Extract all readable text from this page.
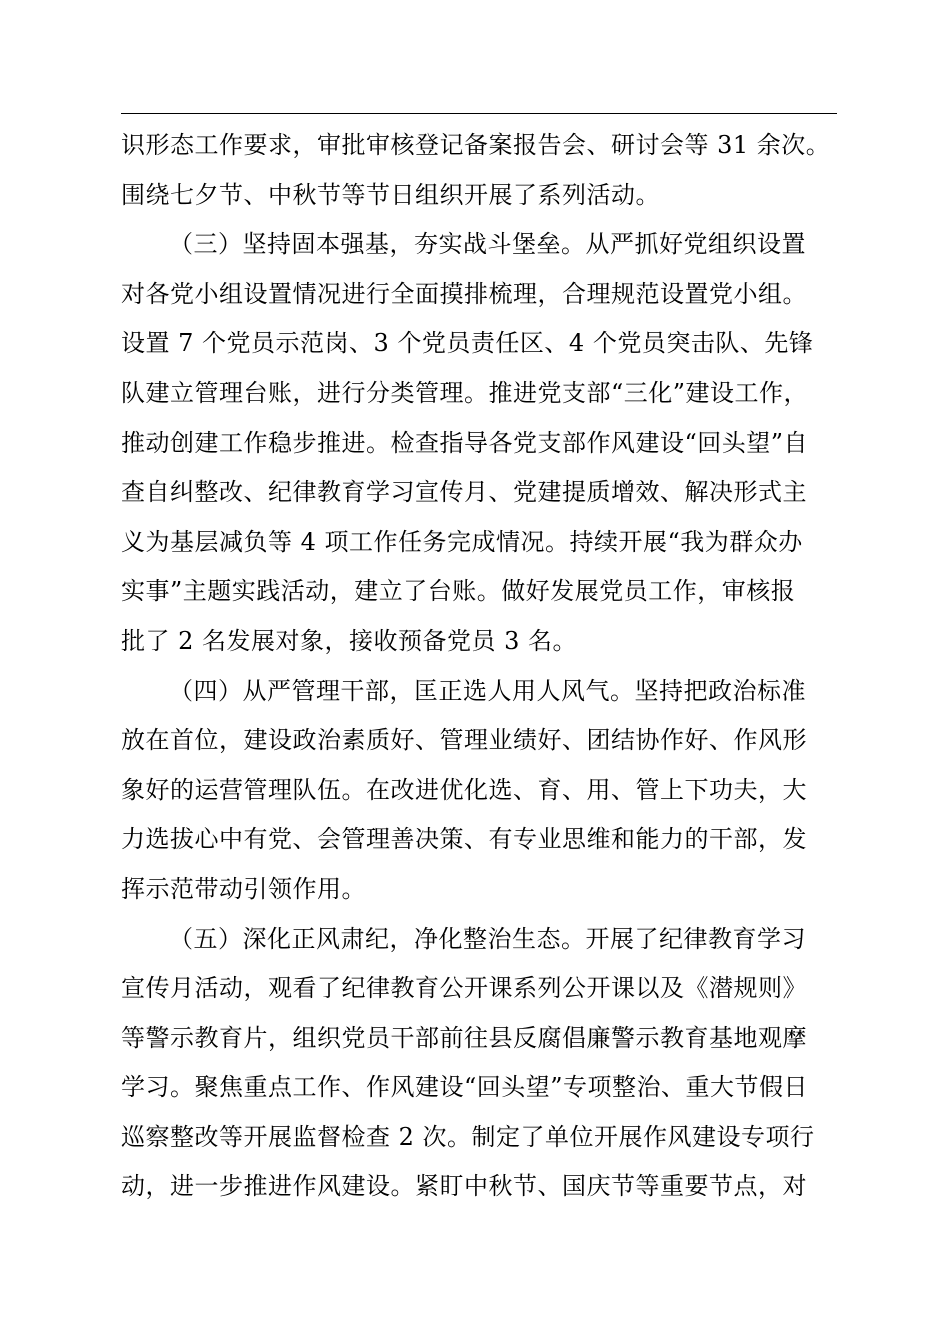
识形态工作要求，审批审核登记备案报告会、研讨会等 31 余次。
围绕七夕节、中秋节等节日组织开展了系列活动。
（三）坚持固本强基，夯实战斗堡垒。从严抓好党组织设置
对各党小组设置情况进行全面摸排梳理，合理规范设置党小组。
设置 7 个党员示范岗、3 个党员责任区、4 个党员突击队、先锋
队建立管理台账，进行分类管理。推进党支部“三化”建设工作，
推动创建工作稳步推进。检查指导各党支部作风建设“回头望”自
查自纠整改、纪律教育学习宣传月、党建提质增效、解决形式主
义为基层减负等 4 项工作任务完成情况。持续开展“我为群众办
实事”主题实践活动，建立了台账。做好发展党员工作，审核报
批了 2 名发展对象，接收预备党员 3 名。
（四）从严管理干部，匡正选人用人风气。坚持把政治标准
放在首位，建设政治素质好、管理业绩好、团结协作好、作风形
象好的运营管理队伍。在改进优化选、育、用、管上下功夫，大
力选拔心中有党、会管理善决策、有专业思维和能力的干部，发
挥示范带动引领作用。
（五）深化正风肃纪，净化整治生态。开展了纪律教育学习
宣传月活动，观看了纪律教育公开课系列公开课以及《潜规则》
等警示教育片，组织党员干部前往县反腐倡廉警示教育基地观摩
学习。聚焦重点工作、作风建设“回头望”专项整治、重大节假日
巡察整改等开展监督检查 2 次。制定了单位开展作风建设专项行
动，进一步推进作风建设。紧盯中秋节、国庆节等重要节点，对
